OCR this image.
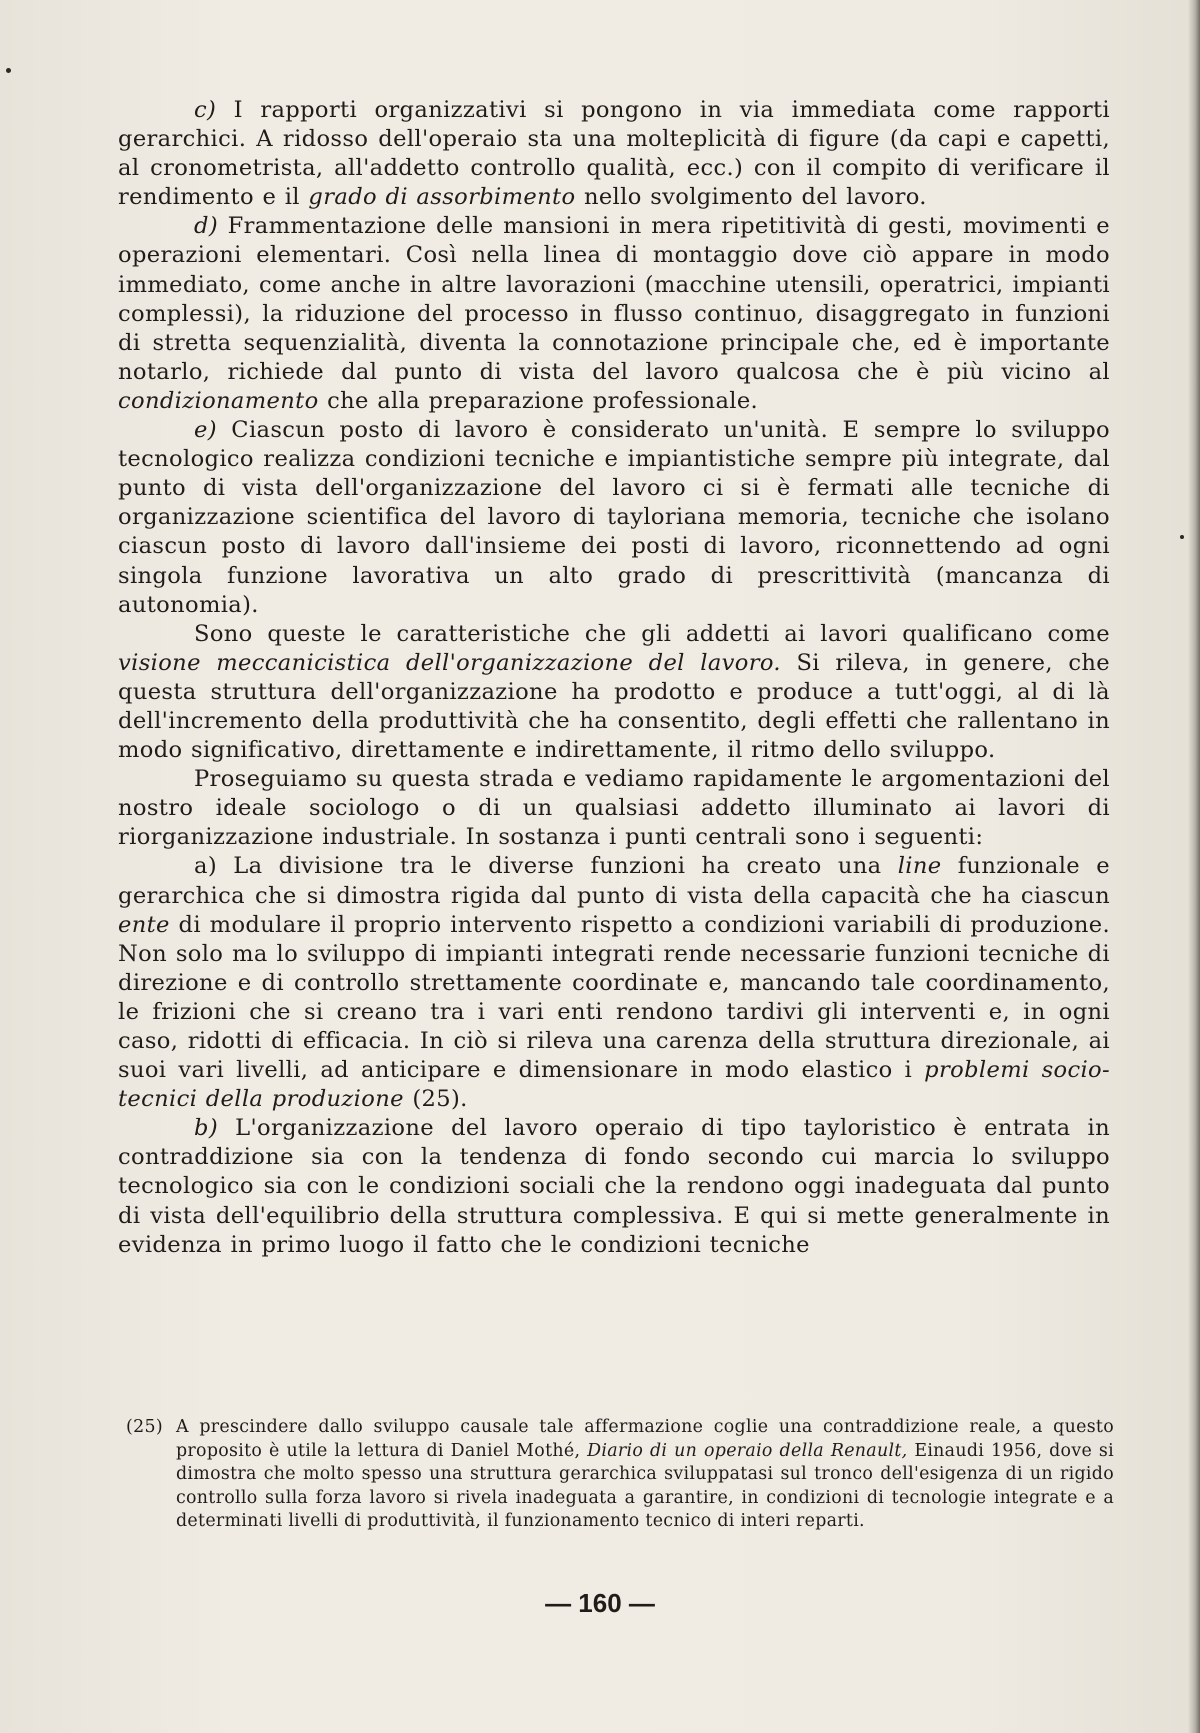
c) I rapporti organizzativi si pongono in via immediata come rapporti gerarchici. A ridosso dell'operaio sta una molteplicità di figure (da capi e capetti, al cronometrista, all'addetto controllo qualità, ecc.) con il compito di verificare il rendimento e il grado di assorbimento nello svolgimento del lavoro.

d) Frammentazione delle mansioni in mera ripetitività di gesti, movimenti e operazioni elementari. Così nella linea di montaggio dove ciò appare in modo immediato, come anche in altre lavorazioni (macchine utensili, operatrici, impianti complessi), la riduzione del processo in flusso continuo, disaggregato in funzioni di stretta sequenzialità, diventa la connotazione principale che, ed è importante notarlo, richiede dal punto di vista del lavoro qualcosa che è più vicino al condizionamento che alla preparazione professionale.

e) Ciascun posto di lavoro è considerato un'unità. E sempre lo sviluppo tecnologico realizza condizioni tecniche e impiantistiche sempre più integrate, dal punto di vista dell'organizzazione del lavoro ci si è fermati alle tecniche di organizzazione scientifica del lavoro di tayloriana memoria, tecniche che isolano ciascun posto di lavoro dall'insieme dei posti di lavoro, riconnettendo ad ogni singola funzione lavorativa un alto grado di prescrittività (mancanza di autonomia).

Sono queste le caratteristiche che gli addetti ai lavori qualificano come visione meccanicistica dell'organizzazione del lavoro. Si rileva, in genere, che questa struttura dell'organizzazione ha prodotto e produce a tutt'oggi, al di là dell'incremento della produttività che ha consentito, degli effetti che rallentano in modo significativo, direttamente e indirettamente, il ritmo dello sviluppo.

Proseguiamo su questa strada e vediamo rapidamente le argomentazioni del nostro ideale sociologo o di un qualsiasi addetto illuminato ai lavori di riorganizzazione industriale. In sostanza i punti centrali sono i seguenti:

a) La divisione tra le diverse funzioni ha creato una line funzionale e gerarchica che si dimostra rigida dal punto di vista della capacità che ha ciascun ente di modulare il proprio intervento rispetto a condizioni variabili di produzione. Non solo ma lo sviluppo di impianti integrati rende necessarie funzioni tecniche di direzione e di controllo strettamente coordinate e, mancando tale coordinamento, le frizioni che si creano tra i vari enti rendono tardivi gli interventi e, in ogni caso, ridotti di efficacia. In ciò si rileva una carenza della struttura direzionale, ai suoi vari livelli, ad anticipare e dimensionare in modo elastico i problemi socio-tecnici della produzione (25).

b) L'organizzazione del lavoro operaio di tipo tayloristico è entrata in contraddizione sia con la tendenza di fondo secondo cui marcia lo sviluppo tecnologico sia con le condizioni sociali che la rendono oggi inadeguata dal punto di vista dell'equilibrio della struttura complessiva. E qui si mette generalmente in evidenza in primo luogo il fatto che le condizioni tecniche

(25) A prescindere dallo sviluppo causale tale affermazione coglie una contraddizione reale, a questo proposito è utile la lettura di Daniel Mothé, Diario di un operaio della Renault, Einaudi 1956, dove si dimostra che molto spesso una struttura gerarchica sviluppatasi sul tronco dell'esigenza di un rigido controllo sulla forza lavoro si rivela inadeguata a garantire, in condizioni di tecnologie integrate e a determinati livelli di produttività, il funzionamento tecnico di interi reparti.
— 160 —
